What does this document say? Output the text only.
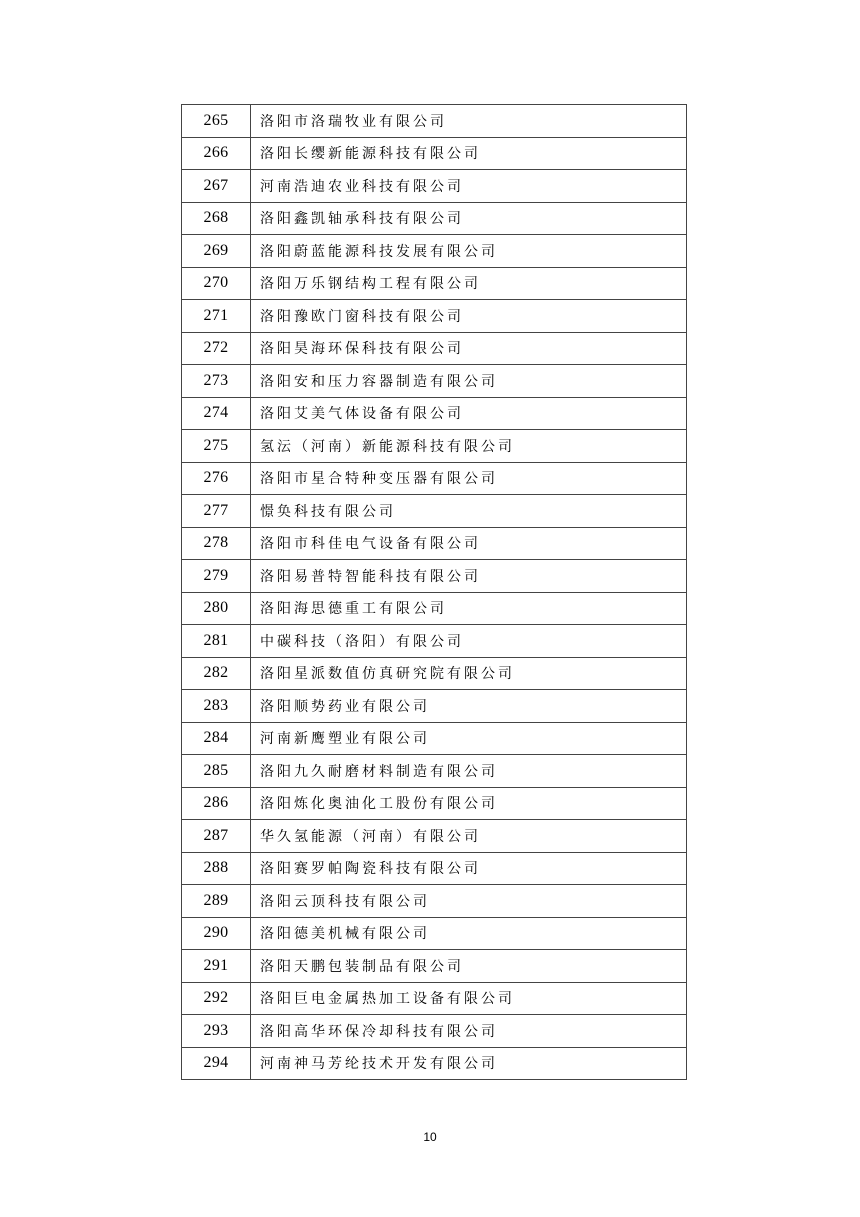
265	洛阳市洛瑞牧业有限公司
266	洛阳长缨新能源科技有限公司
267	河南浩迪农业科技有限公司
268	洛阳鑫凯轴承科技有限公司
269	洛阳蔚蓝能源科技发展有限公司
270	洛阳万乐钢结构工程有限公司
271	洛阳豫欧门窗科技有限公司
272	洛阳昊海环保科技有限公司
273	洛阳安和压力容器制造有限公司
274	洛阳艾美气体设备有限公司
275	氢沄（河南）新能源科技有限公司
276	洛阳市星合特种变压器有限公司
277	憬奂科技有限公司
278	洛阳市科佳电气设备有限公司
279	洛阳易普特智能科技有限公司
280	洛阳海思德重工有限公司
281	中碳科技（洛阳）有限公司
282	洛阳星派数值仿真研究院有限公司
283	洛阳顺势药业有限公司
284	河南新鹰塑业有限公司
285	洛阳九久耐磨材料制造有限公司
286	洛阳炼化奥油化工股份有限公司
287	华久氢能源（河南）有限公司
288	洛阳赛罗帕陶瓷科技有限公司
289	洛阳云顶科技有限公司
290	洛阳德美机械有限公司
291	洛阳天鹏包装制品有限公司
292	洛阳巨电金属热加工设备有限公司
293	洛阳高华环保冷却科技有限公司
294	河南神马芳纶技术开发有限公司
10
